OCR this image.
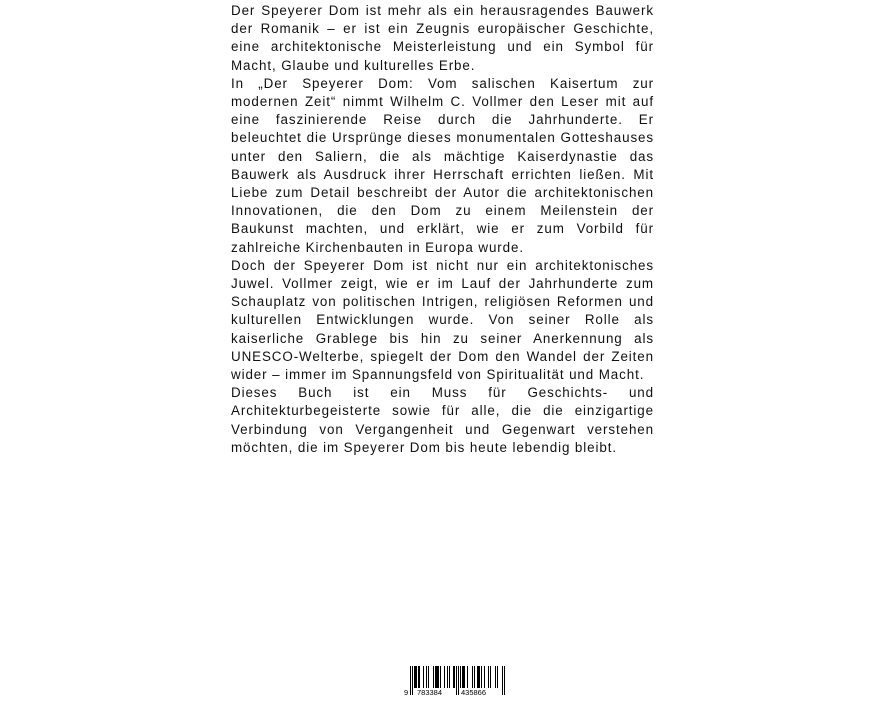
Der Speyerer Dom ist mehr als ein herausragendes Bauwerk der Romanik – er ist ein Zeugnis europäischer Geschichte, eine architektonische Meisterleistung und ein Symbol für Macht, Glaube und kulturelles Erbe.

In „Der Speyerer Dom: Vom salischen Kaisertum zur modernen Zeit“ nimmt Wilhelm C. Vollmer den Leser mit auf eine faszinierende Reise durch die Jahrhunderte. Er beleuchtet die Ursprünge dieses monumentalen Gotteshauses unter den Saliern, die als mächtige Kaiserdynastie das Bauwerk als Ausdruck ihrer Herrschaft errichten ließen. Mit Liebe zum Detail beschreibt der Autor die architektonischen Innovationen, die den Dom zu einem Meilenstein der Baukunst machten, und erklärt, wie er zum Vorbild für zahlreiche Kirchenbauten in Europa wurde.

Doch der Speyerer Dom ist nicht nur ein architektonisches Juwel. Vollmer zeigt, wie er im Lauf der Jahrhunderte zum Schauplatz von politischen Intrigen, religiösen Reformen und kulturellen Entwicklungen wurde. Von seiner Rolle als kaiserliche Grablege bis hin zu seiner Anerkennung als UNESCO-Welterbe, spiegelt der Dom den Wandel der Zeiten wider – immer im Spannungsfeld von Spiritualität und Macht.

Dieses Buch ist ein Muss für Geschichts- und Architekturbegeisterte sowie für alle, die die einzigartige Verbindung von Vergangenheit und Gegenwart verstehen möchten, die im Speyerer Dom bis heute lebendig bleibt.

9 783384	435866
